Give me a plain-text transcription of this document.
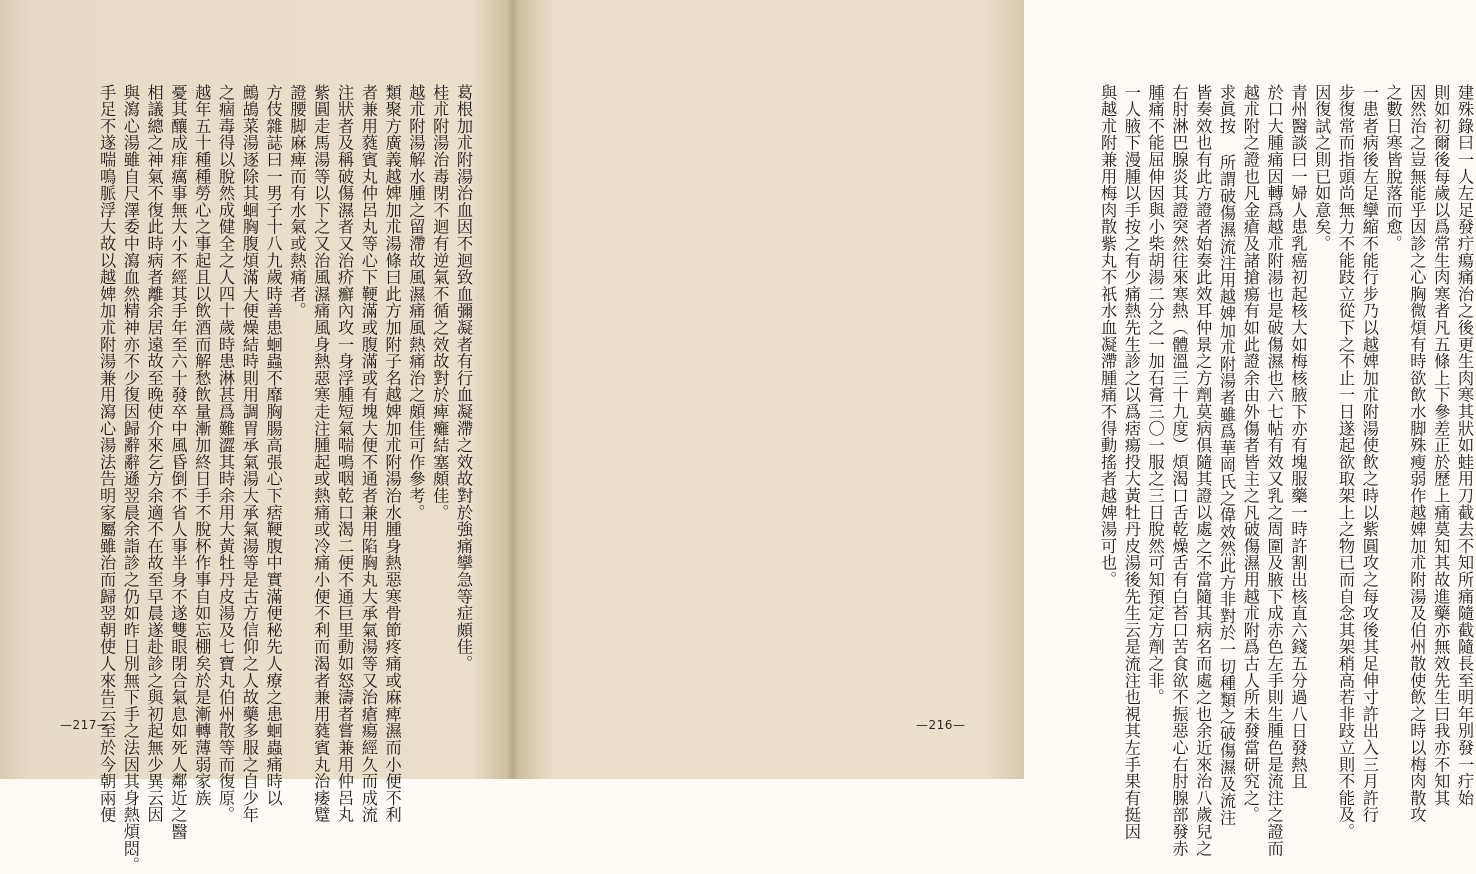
葛根加朮附湯治血因不迴致血彌凝者有行血凝滯之效故對於強痛攣急等症頗佳。
桂朮附湯治毒閉不迴有逆氣不循之效故對於痺癱結塞頗佳。
越朮附湯解水腫之留滯故風濕痛風熱痛治之頗佳可作參考。
類聚方廣義越婢加朮湯條曰此方加附子名越婢加朮附湯治水腫身熱惡寒骨節疼痛或麻痺濕而小便不利
者兼用蕤賓丸仲呂丸等心下鞕滿或腹滿或有塊大便不通者兼用陷胸丸大承氣湯等又治瘡瘍經久而成流
注狀者及稱破傷濕者又治疥癬內攻一身浮腫短氣喘鳴咽乾口渴二便不通巨里動如怒濤者嘗兼用仲呂丸
紫圓走馬湯等以下之又治風濕痛風身熱惡寒走注腫起或熱痛或冷痛小便不利而渴者兼用蕤賓丸治痿躄
證腰脚麻痺而有水氣或熱痛者。
方伎雜誌曰一男子十八九歲時善患蛔蟲不靡胸腸高張心下痞鞕腹中實滿便秘先人療之患蛔蟲痛時以
鷓鴣菜湯逐除其蛔胸腹煩滿大便燥結時則用調胃承氣湯大承氣湯等是古方信仰之人故藥多服之自少年
之痼毒得以脫然成健全之人四十歲時患淋甚爲難澀其時余用大黃牡丹皮湯及七寶丸伯州散等而復原。
越年五十種種勞心之事起且以飲酒而解愁飲量漸加終日手不脫杯作事自如忘棚矣於是漸轉薄弱家族
憂其釀成痱癘事無大小不經其手年至六十發卒中風昏倒不省人事半身不遂雙眼閉合氣息如死人鄰近之醫
相議總之神氣不復此時病者離余居遠故至晚使介來乞方余適不在故至早晨遂赴診之與初起無少異云因
與瀉心湯雖自尺澤委中瀉血然精神亦不少復因歸辭辭遜翌晨余詣診之仍如昨日別無下手之法因其身熱煩悶。
手足不遂喘鳴脈浮大故以越婢加朮附湯兼用瀉心湯法告明家屬雖治而歸翌朝使人來告云至於今朝兩便
—217—	建殊錄曰一人左足發疔瘍痛治之後更生肉寒其狀如蛙用刀截去不知所痛隨截隨長至明年別發一疔始
則如初爾後每歲以爲常生肉寒者凡五條上下參差正於歷上痛莫知其故進藥亦無效先生曰我亦不知其
因然治之豈無能乎因診之心胸微煩有時欲飲水脚殊瘦弱作越婢加朮附湯及伯州散使飲之時以梅肉散攻
之數日寒皆脫落而愈。
一患者病後左足攣縮不能行步乃以越婢加朮附湯使飲之時以紫圓攻之每攻後其足伸寸許出入三月許行
步復常而指頭尚無力不能跂立從下之不止一日遂起欲取架上之物已而自念其架稍高若非跂立則不能及。
因復試之則已如意矣。
青州醫談曰一婦人患乳癌初起核大如梅核腋下亦有塊服藥一時許割出核直六錢五分過八日發熱且
於口大腫痛因轉爲越朮附湯也是破傷濕也六七帖有效又乳之周圍及腋下成赤色左手則生腫色是流注之證而
越朮附之證也凡金瘡及諸搶瘍有如此證余由外傷者皆主之凡破傷濕用越朮附爲古人所未發當研究之。
求眞按 所謂破傷濕流注用越婢加朮附湯者雖爲華岡氏之偉效然此方非對於一切種類之破傷濕及流注
皆奏效也有此方證者始奏此效耳仲景之方劑莫病俱隨其證以處之不當隨其病名而處之也余近來治八歲兒之
右肘淋巴腺炎其證突然往來寒熱（體溫三十九度）煩渴口舌乾燥舌有白苔口苦食欲不振惡心右肘腺部發赤
腫痛不能屈伸因與小柴胡湯二分之一加石膏三〇一服之三日脫然可知預定方劑之非。
一人腋下漫腫以手按之有少痛熱先生診之以爲痞瘍投大黃牡丹皮湯後先生云是流注也視其左手果有挺因
與越朮附兼用梅肉散紫丸不祇水血凝滯腫痛不得動搖者越婢湯可也。
—216—
